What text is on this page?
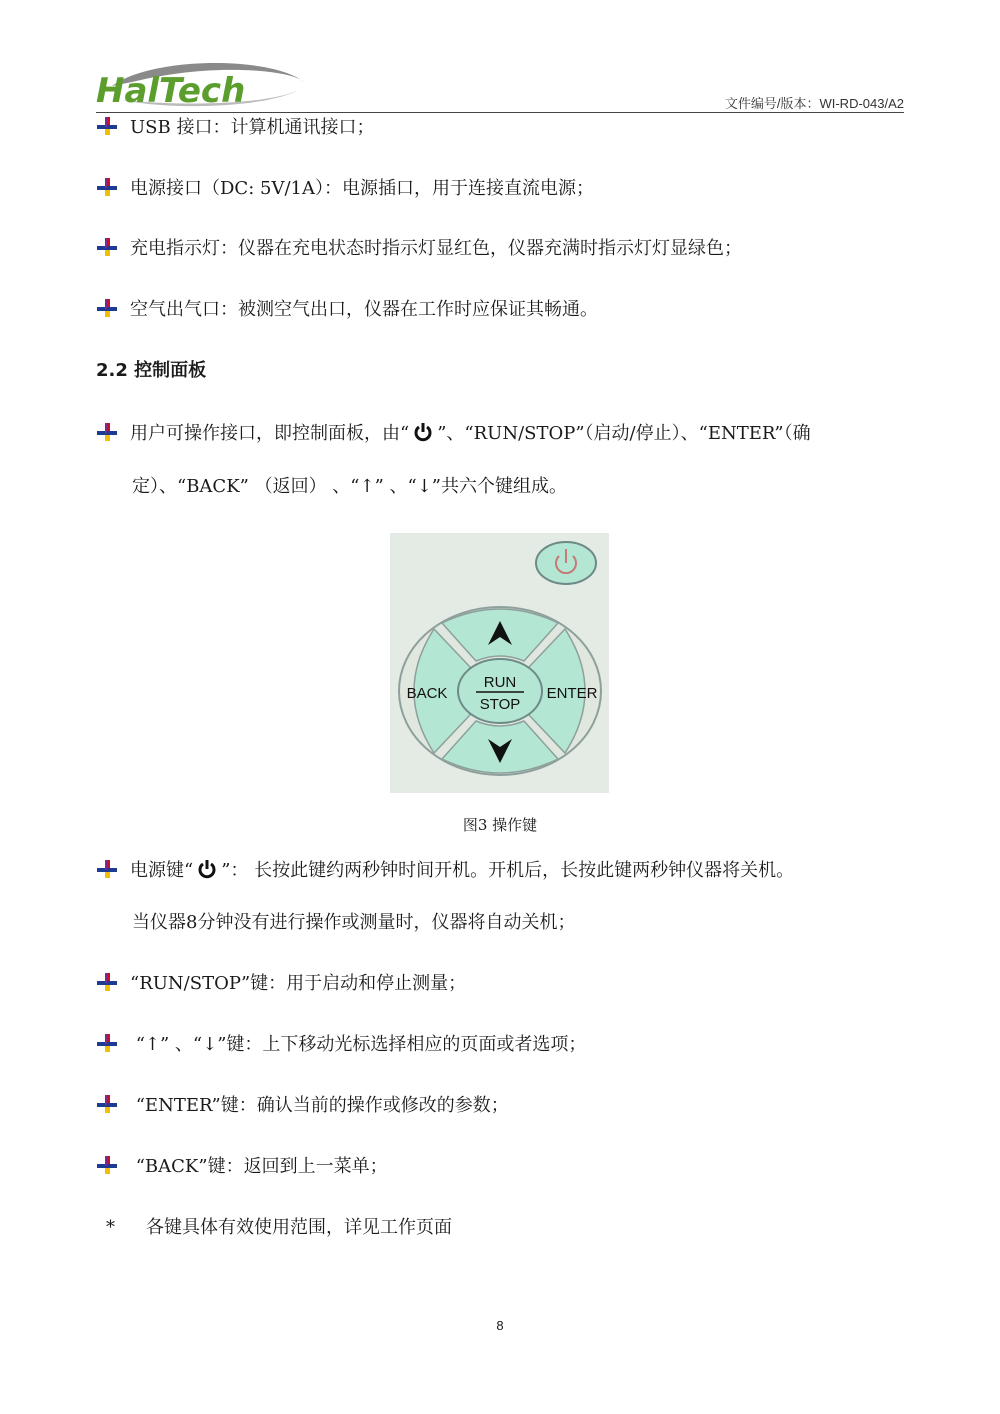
HalTech	文件编号/版本：WI-RD-043/A2
USB 接口：计算机通讯接口；
电源接口（DC: 5V/1A）：电源插口，用于连接直流电源；
充电指示灯：仪器在充电状态时指示灯显红色，仪器充满时指示灯灯显绿色；
空气出气口：被测空气出口，仪器在工作时应保证其畅通。
2.2 控制面板
用户可操作接口，即控制面板，由“ ”、“RUN/STOP”（启动/停止）、“ENTER”（确
定）、“BACK” （返回） 、“↑” 、“↓”共六个键组成。
RUN
STOP
BACK	ENTER
图3 操作键
电源键“ ”： 长按此键约两秒钟时间开机。开机后，长按此键两秒钟仪器将关机。
当仪器8分钟没有进行操作或测量时，仪器将自动关机；
“RUN/STOP”键：用于启动和停止测量；
“↑” 、“↓”键：上下移动光标选择相应的页面或者选项；
“ENTER”键：确认当前的操作或修改的参数；
“BACK”键：返回到上一菜单；
* 各键具体有效使用范围，详见工作页面
8
